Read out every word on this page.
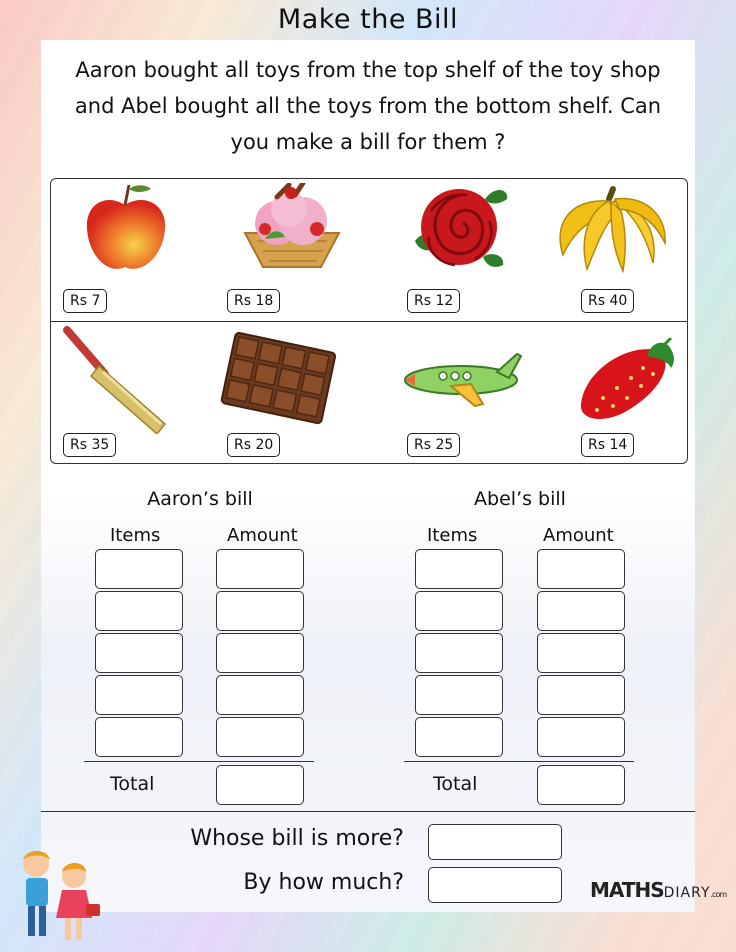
Make the Bill
Aaron bought all toys from the top shelf of the toy shop and Abel bought all the toys from the bottom shelf. Can you make a bill for them ?
Rs 7	Rs 18	Rs 12	Rs 40
Rs 35	Rs 20	Rs 25	Rs 14
Aaron’s bill
Items	Amount
Total
Abel’s bill
Items	Amount
Total
Whose bill is more?
By how much?	MATHSDIARY.com
